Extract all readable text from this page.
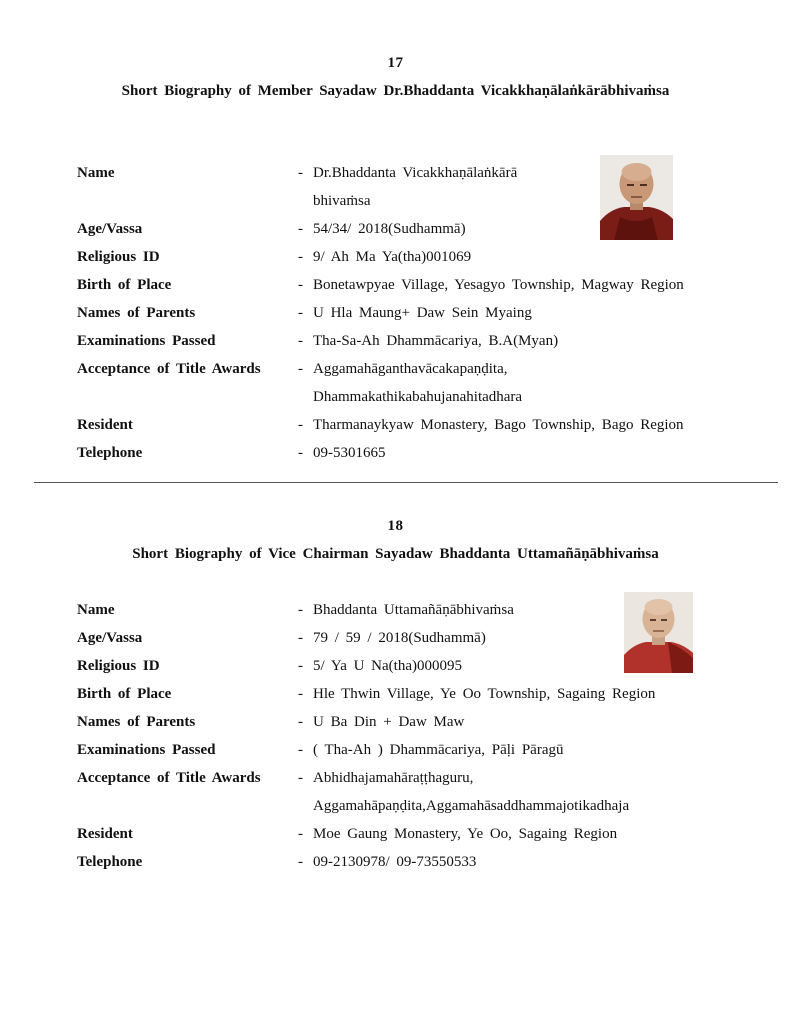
17
Short Biography of Member Sayadaw Dr.Bhaddanta Vicakkhaṇālaṅkārābhivaṁsa
Name	- Dr.Bhaddanta Vicakkhaṇālaṅkārā
bhivaṁsa
Age/Vassa	- 54/34/ 2018(Sudhammā)
Religious ID	- 9/ Ah Ma Ya(tha)001069
Birth of Place	- Bonetawpyae Village, Yesagyo Township, Magway Region
Names of Parents	- U Hla Maung+ Daw Sein Myaing
Examinations Passed	- Tha-Sa-Ah Dhammācariya, B.A(Myan)
Acceptance of Title Awards - Aggamahāganthavācakapaṇḍita,
Dhammakathikabahujanahitadhara
Resident	- Tharmanaykyaw Monastery, Bago Township, Bago Region
Telephone	- 09-5301665
18
Short Biography of Vice Chairman Sayadaw Bhaddanta Uttamañāṇābhivaṁsa
Name	- Bhaddanta Uttamañāṇābhivaṁsa
Age/Vassa	- 79 / 59 / 2018(Sudhammā)
Religious ID	- 5/ Ya U Na(tha)000095
Birth of Place	- Hle Thwin Village, Ye Oo Township, Sagaing Region
Names of Parents	- U Ba Din + Daw Maw
Examinations Passed	- ( Tha-Ah ) Dhammācariya, Pāḷi Pāragū
Acceptance of Title Awards - Abhidhajamahāraṭṭhaguru,
Aggamahāpaṇḍita,Aggamahāsaddhammajotikadhaja
Resident	- Moe Gaung Monastery, Ye Oo, Sagaing Region
Telephone	- 09-2130978/ 09-73550533
